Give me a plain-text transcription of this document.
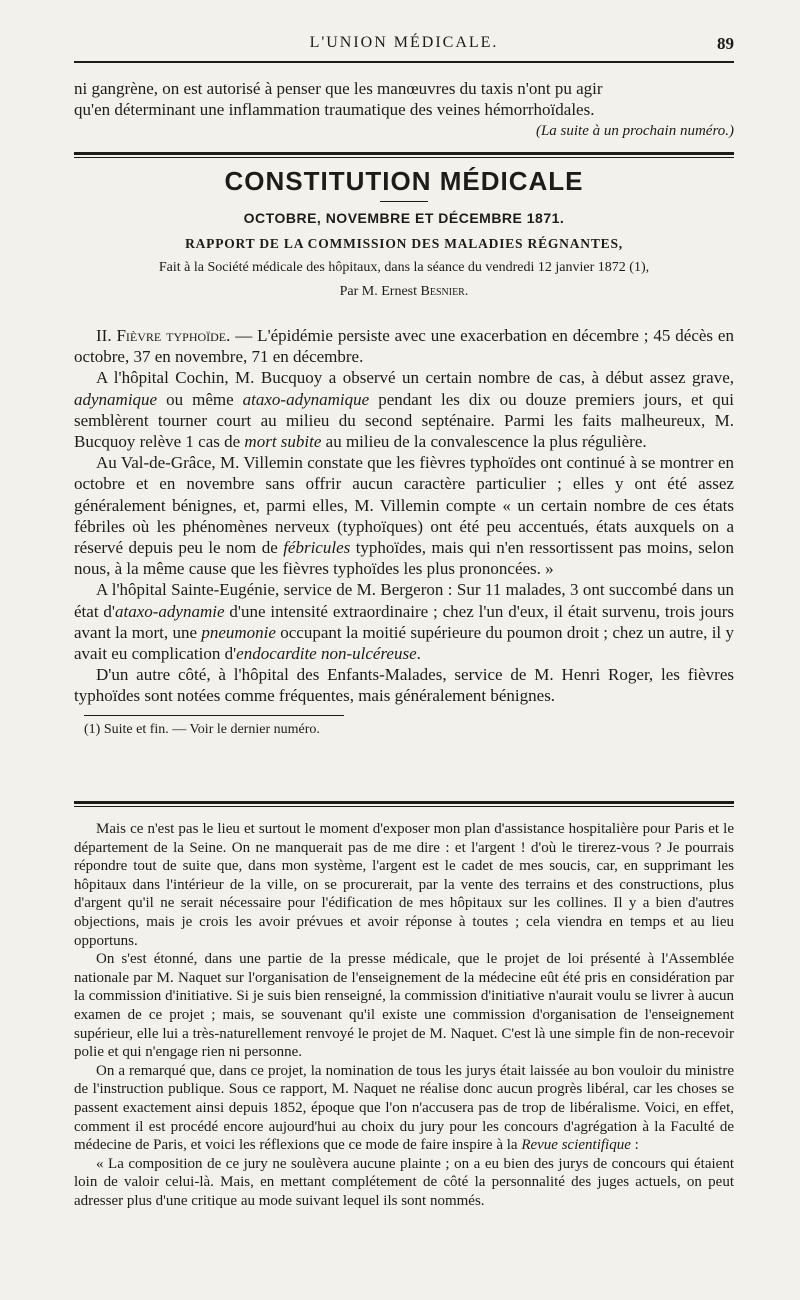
L'UNION MÉDICALE.	89

ni gangrène, on est autorisé à penser que les manœuvres du taxis n'ont pu agir

qu'en déterminant une inflammation traumatique des veines hémorrhoïdales.

(La suite à un prochain numéro.)

CONSTITUTION MÉDICALE
OCTOBRE, NOVEMBRE ET DÉCEMBRE 1871.
RAPPORT DE LA COMMISSION DES MALADIES RÉGNANTES,
Fait à la Société médicale des hôpitaux, dans la séance du vendredi 12 janvier 1872 (1),
Par M. Ernest Besnier.

II. Fièvre typhoïde. — L'épidémie persiste avec une exacerbation en décembre ; 45 décès en octobre, 37 en novembre, 71 en décembre.

A l'hôpital Cochin, M. Bucquoy a observé un certain nombre de cas, à début assez grave, adynamique ou même ataxo-adynamique pendant les dix ou douze premiers jours, et qui semblèrent tourner court au milieu du second septénaire. Parmi les faits malheureux, M. Bucquoy relève 1 cas de mort subite au milieu de la convalescence la plus régulière.

Au Val-de-Grâce, M. Villemin constate que les fièvres typhoïdes ont continué à se montrer en octobre et en novembre sans offrir aucun caractère particulier ; elles y ont été assez généralement bénignes, et, parmi elles, M. Villemin compte « un certain nombre de ces états fébriles où les phénomènes nerveux (typhoïques) ont été peu accentués, états auxquels on a réservé depuis peu le nom de fébricules typhoïdes, mais qui n'en ressortissent pas moins, selon nous, à la même cause que les fièvres typhoïdes les plus prononcées. »

A l'hôpital Sainte-Eugénie, service de M. Bergeron : Sur 11 malades, 3 ont succombé dans un état d'ataxo-adynamie d'une intensité extraordinaire ; chez l'un d'eux, il était survenu, trois jours avant la mort, une pneumonie occupant la moitié supérieure du poumon droit ; chez un autre, il y avait eu complication d'endocardite non-ulcéreuse.

D'un autre côté, à l'hôpital des Enfants-Malades, service de M. Henri Roger, les fièvres typhoïdes sont notées comme fréquentes, mais généralement bénignes.

(1) Suite et fin. — Voir le dernier numéro.

Mais ce n'est pas le lieu et surtout le moment d'exposer mon plan d'assistance hospitalière pour Paris et le département de la Seine. On ne manquerait pas de me dire : et l'argent ! d'où le tirerez-vous ? Je pourrais répondre tout de suite que, dans mon système, l'argent est le cadet de mes soucis, car, en supprimant les hôpitaux dans l'intérieur de la ville, on se procurerait, par la vente des terrains et des constructions, plus d'argent qu'il ne serait nécessaire pour l'édification de mes hôpitaux sur les collines. Il y a bien d'autres objections, mais je crois les avoir prévues et avoir réponse à toutes ; cela viendra en temps et au lieu opportuns.

On s'est étonné, dans une partie de la presse médicale, que le projet de loi présenté à l'Assemblée nationale par M. Naquet sur l'organisation de l'enseignement de la médecine eût été pris en considération par la commission d'initiative. Si je suis bien renseigné, la commission d'initiative n'aurait voulu se livrer à aucun examen de ce projet ; mais, se souvenant qu'il existe une commission d'organisation de l'enseignement supérieur, elle lui a très-naturellement renvoyé le projet de M. Naquet. C'est là une simple fin de non-recevoir polie et qui n'engage rien ni personne.

On a remarqué que, dans ce projet, la nomination de tous les jurys était laissée au bon vouloir du ministre de l'instruction publique. Sous ce rapport, M. Naquet ne réalise donc aucun progrès libéral, car les choses se passent exactement ainsi depuis 1852, époque que l'on n'accusera pas de trop de libéralisme. Voici, en effet, comment il est procédé encore aujourd'hui au choix du jury pour les concours d'agrégation à la Faculté de médecine de Paris, et voici les réflexions que ce mode de faire inspire à la Revue scientifique :

« La composition de ce jury ne soulèvera aucune plainte ; on a eu bien des jurys de concours qui étaient loin de valoir celui-là. Mais, en mettant complétement de côté la personnalité des juges actuels, on peut adresser plus d'une critique au mode suivant lequel ils sont nommés.
